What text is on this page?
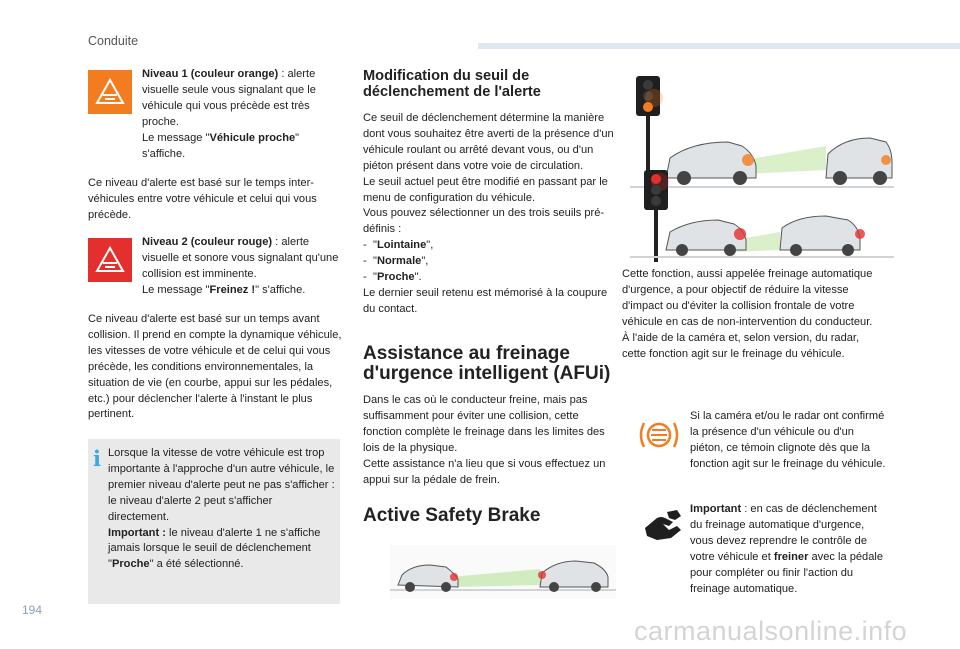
Conduite
Niveau 1 (couleur orange) : alerte visuelle seule vous signalant que le véhicule qui vous précède est très proche.
Le message "Véhicule proche" s'affiche.
Ce niveau d'alerte est basé sur le temps inter-véhicules entre votre véhicule et celui qui vous précède.
Niveau 2 (couleur rouge) : alerte visuelle et sonore vous signalant qu'une collision est imminente.
Le message "Freinez !" s'affiche.
Ce niveau d'alerte est basé sur un temps avant collision. Il prend en compte la dynamique véhicule, les vitesses de votre véhicule et de celui qui vous précède, les conditions environnementales, la situation de vie (en courbe, appui sur les pédales, etc.) pour déclencher l'alerte à l'instant le plus pertinent.
i Lorsque la vitesse de votre véhicule est trop importante à l'approche d'un autre véhicule, le premier niveau d'alerte peut ne pas s'afficher : le niveau d'alerte 2 peut s'afficher directement.
Important : le niveau d'alerte 1 ne s'affiche jamais lorsque le seuil de déclenchement "Proche" a été sélectionné.
Modification du seuil de déclenchement de l'alerte
Ce seuil de déclenchement détermine la manière dont vous souhaitez être averti de la présence d'un véhicule roulant ou arrêté devant vous, ou d'un piéton présent dans votre voie de circulation.
Le seuil actuel peut être modifié en passant par le menu de configuration du véhicule.
Vous pouvez sélectionner un des trois seuils pré-définis :
- "Lointaine",
- "Normale",
- "Proche".
Le dernier seuil retenu est mémorisé à la coupure du contact.
Assistance au freinage d'urgence intelligent (AFUi)
Dans le cas où le conducteur freine, mais pas suffisamment pour éviter une collision, cette fonction complète le freinage dans les limites des lois de la physique.
Cette assistance n'a lieu que si vous effectuez un appui sur la pédale de frein.
Active Safety Brake
Cette fonction, aussi appelée freinage automatique d'urgence, a pour objectif de réduire la vitesse d'impact ou d'éviter la collision frontale de votre véhicule en cas de non-intervention du conducteur.
À l'aide de la caméra et, selon version, du radar, cette fonction agit sur le freinage du véhicule.
Si la caméra et/ou le radar ont confirmé la présence d'un véhicule ou d'un piéton, ce témoin clignote dès que la fonction agit sur le freinage du véhicule.
Important : en cas de déclenchement du freinage automatique d'urgence, vous devez reprendre le contrôle de votre véhicule et freiner avec la pédale pour compléter ou finir l'action du freinage automatique.
194
carmanualsonline.info
